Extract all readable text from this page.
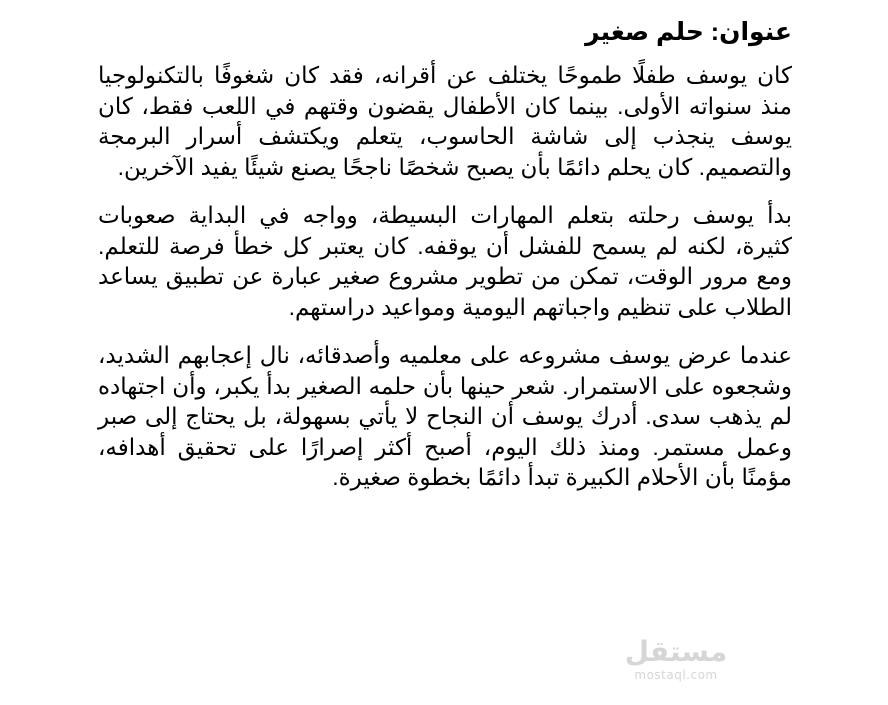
عنوان: حلم صغير

كان يوسف طفلًا طموحًا يختلف عن أقرانه، فقد كان شغوفًا بالتكنولوجيا منذ سنواته الأولى. بينما كان الأطفال يقضون وقتهم في اللعب فقط، كان يوسف ينجذب إلى شاشة الحاسوب، يتعلم ويكتشف أسرار البرمجة والتصميم. كان يحلم دائمًا بأن يصبح شخصًا ناجحًا يصنع شيئًا يفيد الآخرين.

بدأ يوسف رحلته بتعلم المهارات البسيطة، وواجه في البداية صعوبات كثيرة، لكنه لم يسمح للفشل أن يوقفه. كان يعتبر كل خطأ فرصة للتعلم. ومع مرور الوقت، تمكن من تطوير مشروع صغير عبارة عن تطبيق يساعد الطلاب على تنظيم واجباتهم اليومية ومواعيد دراستهم.

عندما عرض يوسف مشروعه على معلميه وأصدقائه، نال إعجابهم الشديد، وشجعوه على الاستمرار. شعر حينها بأن حلمه الصغير بدأ يكبر، وأن اجتهاده لم يذهب سدى. أدرك يوسف أن النجاح لا يأتي بسهولة، بل يحتاج إلى صبر وعمل مستمر. ومنذ ذلك اليوم، أصبح أكثر إصرارًا على تحقيق أهدافه، مؤمنًا بأن الأحلام الكبيرة تبدأ دائمًا بخطوة صغيرة.

مستقل
mostaql.com
